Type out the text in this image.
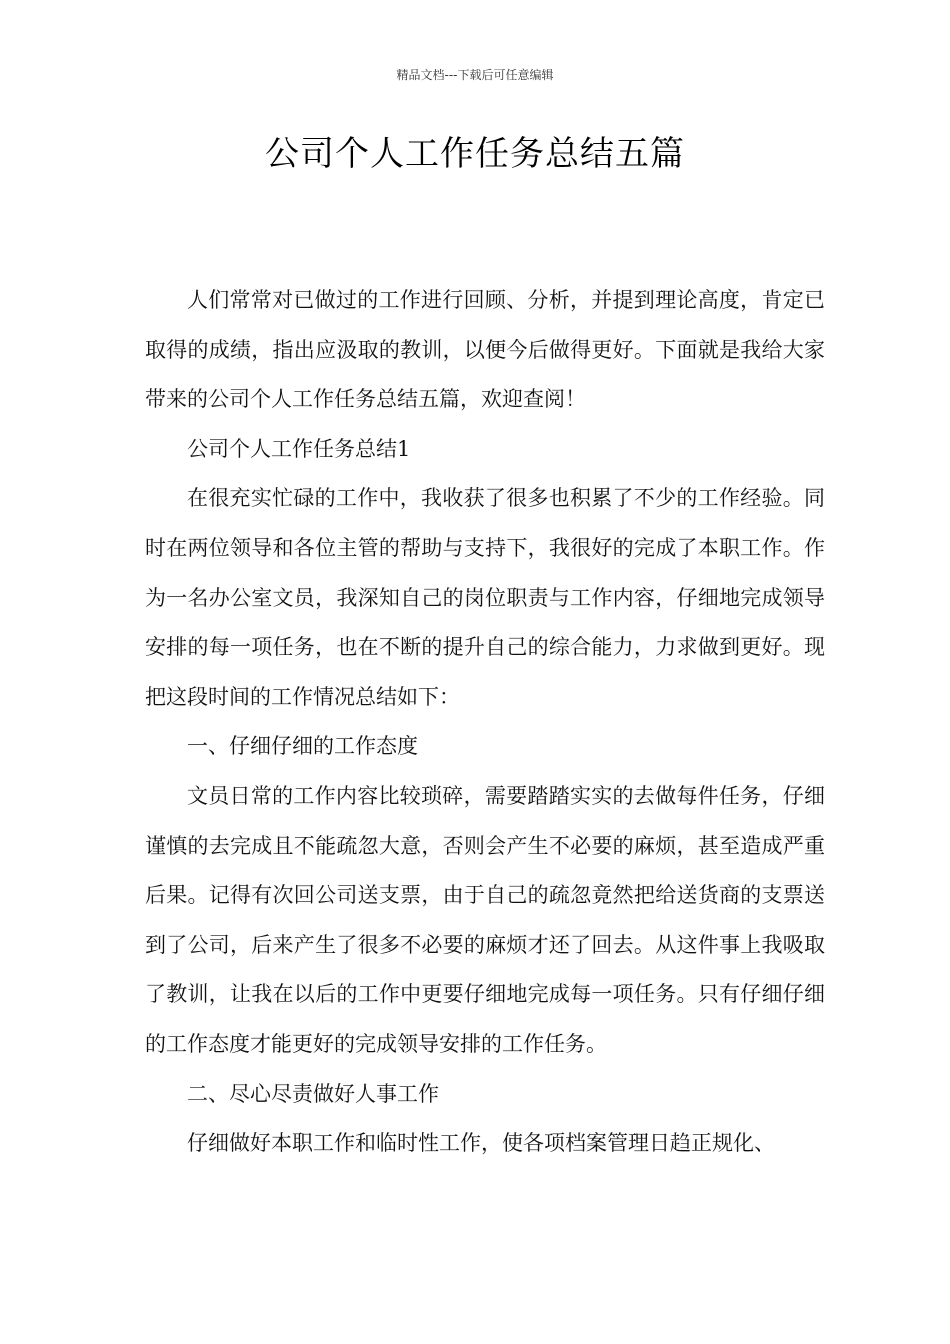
精品文档---下载后可任意编辑
公司个人工作任务总结五篇

人们常常对已做过的工作进行回顾、分析，并提到理论高度，肯定已取得的成绩，指出应汲取的教训，以便今后做得更好。下面就是我给大家带来的公司个人工作任务总结五篇，欢迎查阅！

公司个人工作任务总结1

在很充实忙碌的工作中，我收获了很多也积累了不少的工作经验。同时在两位领导和各位主管的帮助与支持下，我很好的完成了本职工作。作为一名办公室文员，我深知自己的岗位职责与工作内容，仔细地完成领导安排的每一项任务，也在不断的提升自己的综合能力，力求做到更好。现把这段时间的工作情况总结如下：

一、仔细仔细的工作态度

文员日常的工作内容比较琐碎，需要踏踏实实的去做每件任务，仔细谨慎的去完成且不能疏忽大意，否则会产生不必要的麻烦，甚至造成严重后果。记得有次回公司送支票，由于自己的疏忽竟然把给送货商的支票送到了公司，后来产生了很多不必要的麻烦才还了回去。从这件事上我吸取了教训，让我在以后的工作中更要仔细地完成每一项任务。只有仔细仔细的工作态度才能更好的完成领导安排的工作任务。

二、尽心尽责做好人事工作

仔细做好本职工作和临时性工作，使各项档案管理日趋正规化、
